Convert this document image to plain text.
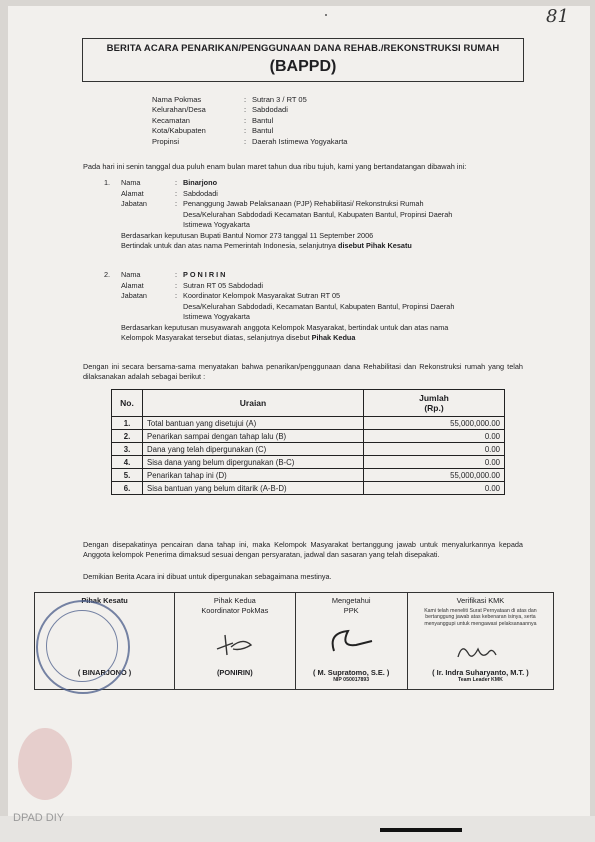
81
BERITA ACARA PENARIKAN/PENGGUNAAN DANA REHAB./REKONSTRUKSI RUMAH
(BAPPD)
Nama Pokmas	: Sutran 3 / RT 05
Kelurahan/Desa	: Sabdodadi
Kecamatan	: Bantul
Kota/Kabupaten	: Bantul
Propinsi	: Daerah Istimewa Yogyakarta
Pada hari ini senin tanggal dua puluh enam bulan maret tahun dua ribu tujuh, kami yang bertandatangan dibawah ini:
1.	Nama	: Binarjono
Alamat	: Sabdodadi
Jabatan	: Penanggung Jawab Pelaksanaan (PJP) Rehabilitasi/ Rekonstruksi Rumah
Desa/Kelurahan Sabdodadi Kecamatan Bantul, Kabupaten Bantul, Propinsi Daerah
Istimewa Yogyakarta
Berdasarkan keputusan Bupati Bantul Nomor 273 tanggal 11 September 2006
Bertindak untuk dan atas nama Pemerintah Indonesia, selanjutnya disebut Pihak Kesatu
2.	Nama	: PONIRIN
Alamat	: Sutran RT 05 Sabdodadi
Jabatan	: Koordinator Kelompok Masyarakat Sutran RT 05
Desa/Kelurahan Sabdodadi, Kecamatan Bantul, Kabupaten Bantul, Propinsi Daerah
Istimewa Yogyakarta
Berdasarkan keputusan musyawarah anggota Kelompok Masyarakat, bertindak untuk dan atas nama
Kelompok Masyarakat tersebut diatas, selanjutnya disebut Pihak Kedua
Dengan ini secara bersama-sama menyatakan bahwa penarikan/penggunaan dana Rehabilitasi dan Rekonstruksi rumah yang telah dilaksanakan adalah sebagai berikut :
No.	Uraian	Jumlah
(Rp.)
1.	Total bantuan yang disetujui (A)	55,000,000.00
2.	Penarikan sampai dengan tahap lalu (B)	0.00
3.	Dana yang telah dipergunakan (C)	0.00
4.	Sisa dana yang belum dipergunakan (B-C)	0.00
5.	Penarikan tahap ini (D)	55,000,000.00
6.	Sisa bantuan yang belum ditarik (A-B-D)	0.00
Dengan disepakatinya pencairan dana tahap ini, maka Kelompok Masyarakat bertanggung jawab untuk menyalurkannya kepada Anggota kelompok Penerima dimaksud sesuai dengan persyaratan, jadwal dan sasaran yang telah disepakati.
Demikian Berita Acara ini dibuat untuk dipergunakan sebagaimana mestinya.
Pihak Kesatu
( BINARJONO )
Pihak Kedua
Koordinator PokMas
(PONIRIN)
Mengetahui
PPK
( M. Supratomo, S.E. )
NIP 050017893
Verifikasi KMK
Kami telah meneliti Surat Pernyataan di atas dan bertanggung jawab atas kebenaran isinya, serta menyanggupi untuk mengawasi pelaksanaannya
( Ir. Indra Suharyanto, M.T. )
Team Leader KMK
DPAD DIY
